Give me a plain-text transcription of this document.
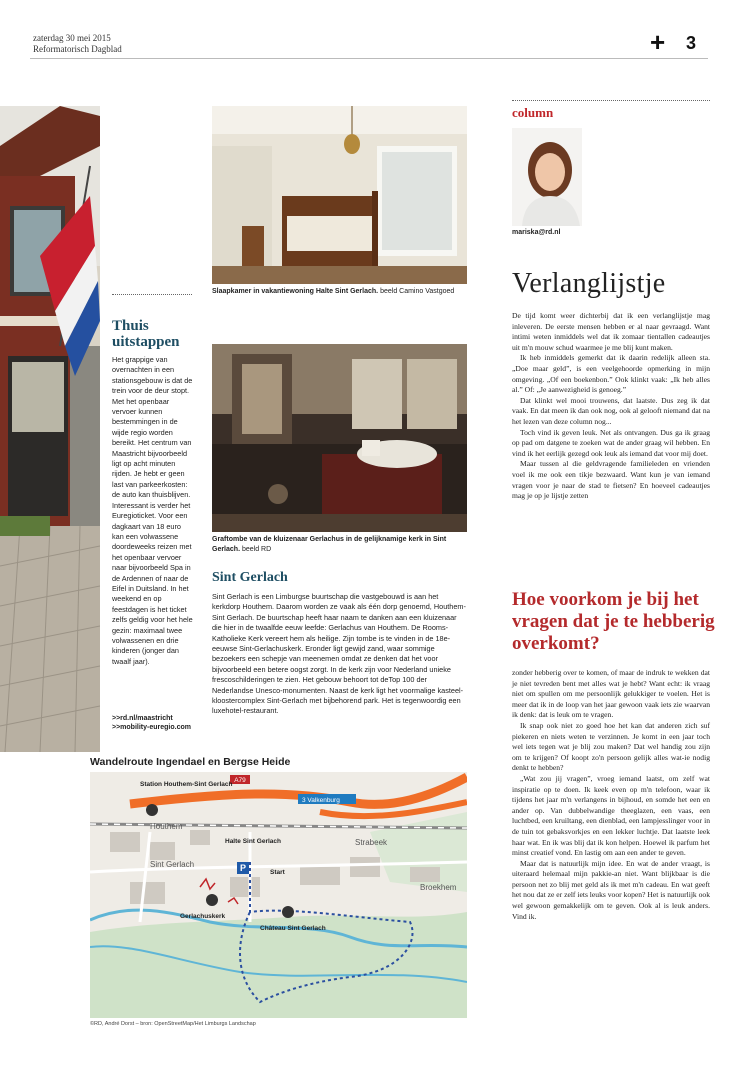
zaterdag 30 mei 2015
Reformatorisch Dagblad	+ 3
Slaapkamer in vakantiewoning Halte Sint Gerlach. beeld Camino Vastgoed
Graftombe van de kluizenaar Gerlachus in de gelijknamige kerk in Sint Gerlach. beeld RD
Thuis
uitstappen
Het grappige van overnachten in een stationsgebouw is dat de trein voor de deur stopt. Met het openbaar vervoer kunnen bestemmingen in de wijde regio worden bereikt. Het centrum van Maastricht bijvoorbeeld ligt op acht minuten rijden. Je hebt er geen last van parkeerkosten: de auto kan thuisblijven. Interessant is verder het Euregioticket. Voor een dagkaart van 18 euro kan een volwassene doordeweeks reizen met het openbaar vervoer naar bijvoorbeeld Spa in de Ardennen of naar de Eifel in Duitsland. In het weekend en op feestdagen is het ticket zelfs geldig voor het hele gezin: maximaal twee volwassenen en drie kinderen (jonger dan twaalf jaar).
>>rd.nl/maastricht
>>mobility-euregio.com
Sint Gerlach
Sint Gerlach is een Limburgse buurtschap die vastgebouwd is aan het kerkdorp Houthem. Daarom worden ze vaak als één dorp genoemd, Houthem-Sint Gerlach. De buurtschap heeft haar naam te danken aan een kluizenaar die hier in de twaalfde eeuw leefde: Gerlachus van Houthem. De Rooms-Katholieke Kerk vereert hem als heilige. Zijn tombe is te vinden in de 18e-eeuwse Sint-Gerlachuskerk. Eronder ligt gewijd zand, waar sommige bezoekers een schepje van meenemen omdat ze denken dat het voor bijvoorbeeld een betere oogst zorgt. In de kerk zijn voor Nederland unieke frescoschilderingen te zien. Het gebouw behoort tot deTop 100 der Nederlandse Unesco-monumenten. Naast de kerk ligt het voormalige kasteel-kloostercomplex Sint-Gerlach met bijbehorend park. Het is tegenwoordig een luxehotel-restaurant.
Wandelroute Ingendael en Bergse Heide
A79
3 Valkenburg
P
Station Houthem-Sint Gerlach
Houthem
Halte Sint Gerlach	Strabeek
Sint Gerlach
Start
Broekhem
Gerlachuskerk
Château Sint Gerlach
©RD, André Dorst – bron: OpenStreetMap/Het Limburgs Landschap
column
mariska@rd.nl
Verlanglijstje

De tijd komt weer dichterbij dat ik een verlanglijstje mag inleveren. De eerste mensen hebben er al naar gevraagd. Want intimi weten inmiddels wel dat ik zomaar tientallen cadeautjes uit m'n mouw schud waarmee je me blij kunt maken.

Ik heb inmiddels gemerkt dat ik daarin redelijk alleen sta. „Doe maar geld”, is een veelgehoorde opmerking in mijn omgeving. „Of een boekenbon.” Ook klinkt vaak: „Ik heb alles al.” Of: „Je aanwezigheid is genoeg.”

Dat klinkt wel mooi trouwens, dat laatste. Dus zeg ik dat vaak. En dat meen ik dan ook nog, ook al gelooft niemand dat na het lezen van deze column nog...

Toch vind ik geven leuk. Net als ontvangen. Dus ga ik graag op pad om datgene te zoeken wat de ander graag wil hebben. En vind ik het eerlijk gezegd ook leuk als iemand dat voor mij doet.

Maar tussen al die geldvragende familieleden en vrienden voel ik me ook een tikje bezwaard. Want kun je van iemand vragen voor je naar de stad te fietsen? En hoeveel cadeautjes mag je op je lijstje zetten

Hoe voorkom je bij het vragen dat je te hebberig overkomt?

zonder hebberig over te komen, of maar de indruk te wekken dat je niet tevreden bent met alles wat je hebt? Want echt: ik vraag niet om spullen om me persoonlijk gelukkiger te voelen. Het is meer dat ik in de loop van het jaar gewoon vaak iets zie waarvan ik denk: dat is leuk om te vragen.

Ik snap ook niet zo goed hoe het kan dat anderen zich suf piekeren en niets weten te verzinnen. Je komt in een jaar toch wel iets tegen wat je blij zou maken? Dat wel handig zou zijn om te krijgen? Of koopt zo'n persoon gelijk alles wat-ie nodig denkt te hebben?

„Wat zou jij vragen”, vroeg iemand laatst, om zelf wat inspiratie op te doen. Ik keek even op m'n telefoon, waar ik tijdens het jaar m'n verlangens in bijhoud, en somde het een en ander op. Van dubbelwandige theeglazen, een vaas, een luchtbed, een kruiltang, een dienblad, een lampjesslinger voor in de tuin tot gebaksvorkjes en een lekker luchtje. Dat laatste leek haar wat. En ik was blij dat ik kon helpen. Hoewel ik parfum het minst creatief vond. En lastig om aan een ander te geven.

Maar dat is natuurlijk mijn idee. En wat de ander vraagt, is uiteraard helemaal mijn pakkie-an niet. Want blijkbaar is die persoon net zo blij met geld als ik met m'n cadeau. En wat geeft het nou dat ze er zelf iets leuks voor kopen? Het is natuurlijk ook wel gewoon gemakkelijk om te geven. Ook al is leuk anders. Vind ik.
